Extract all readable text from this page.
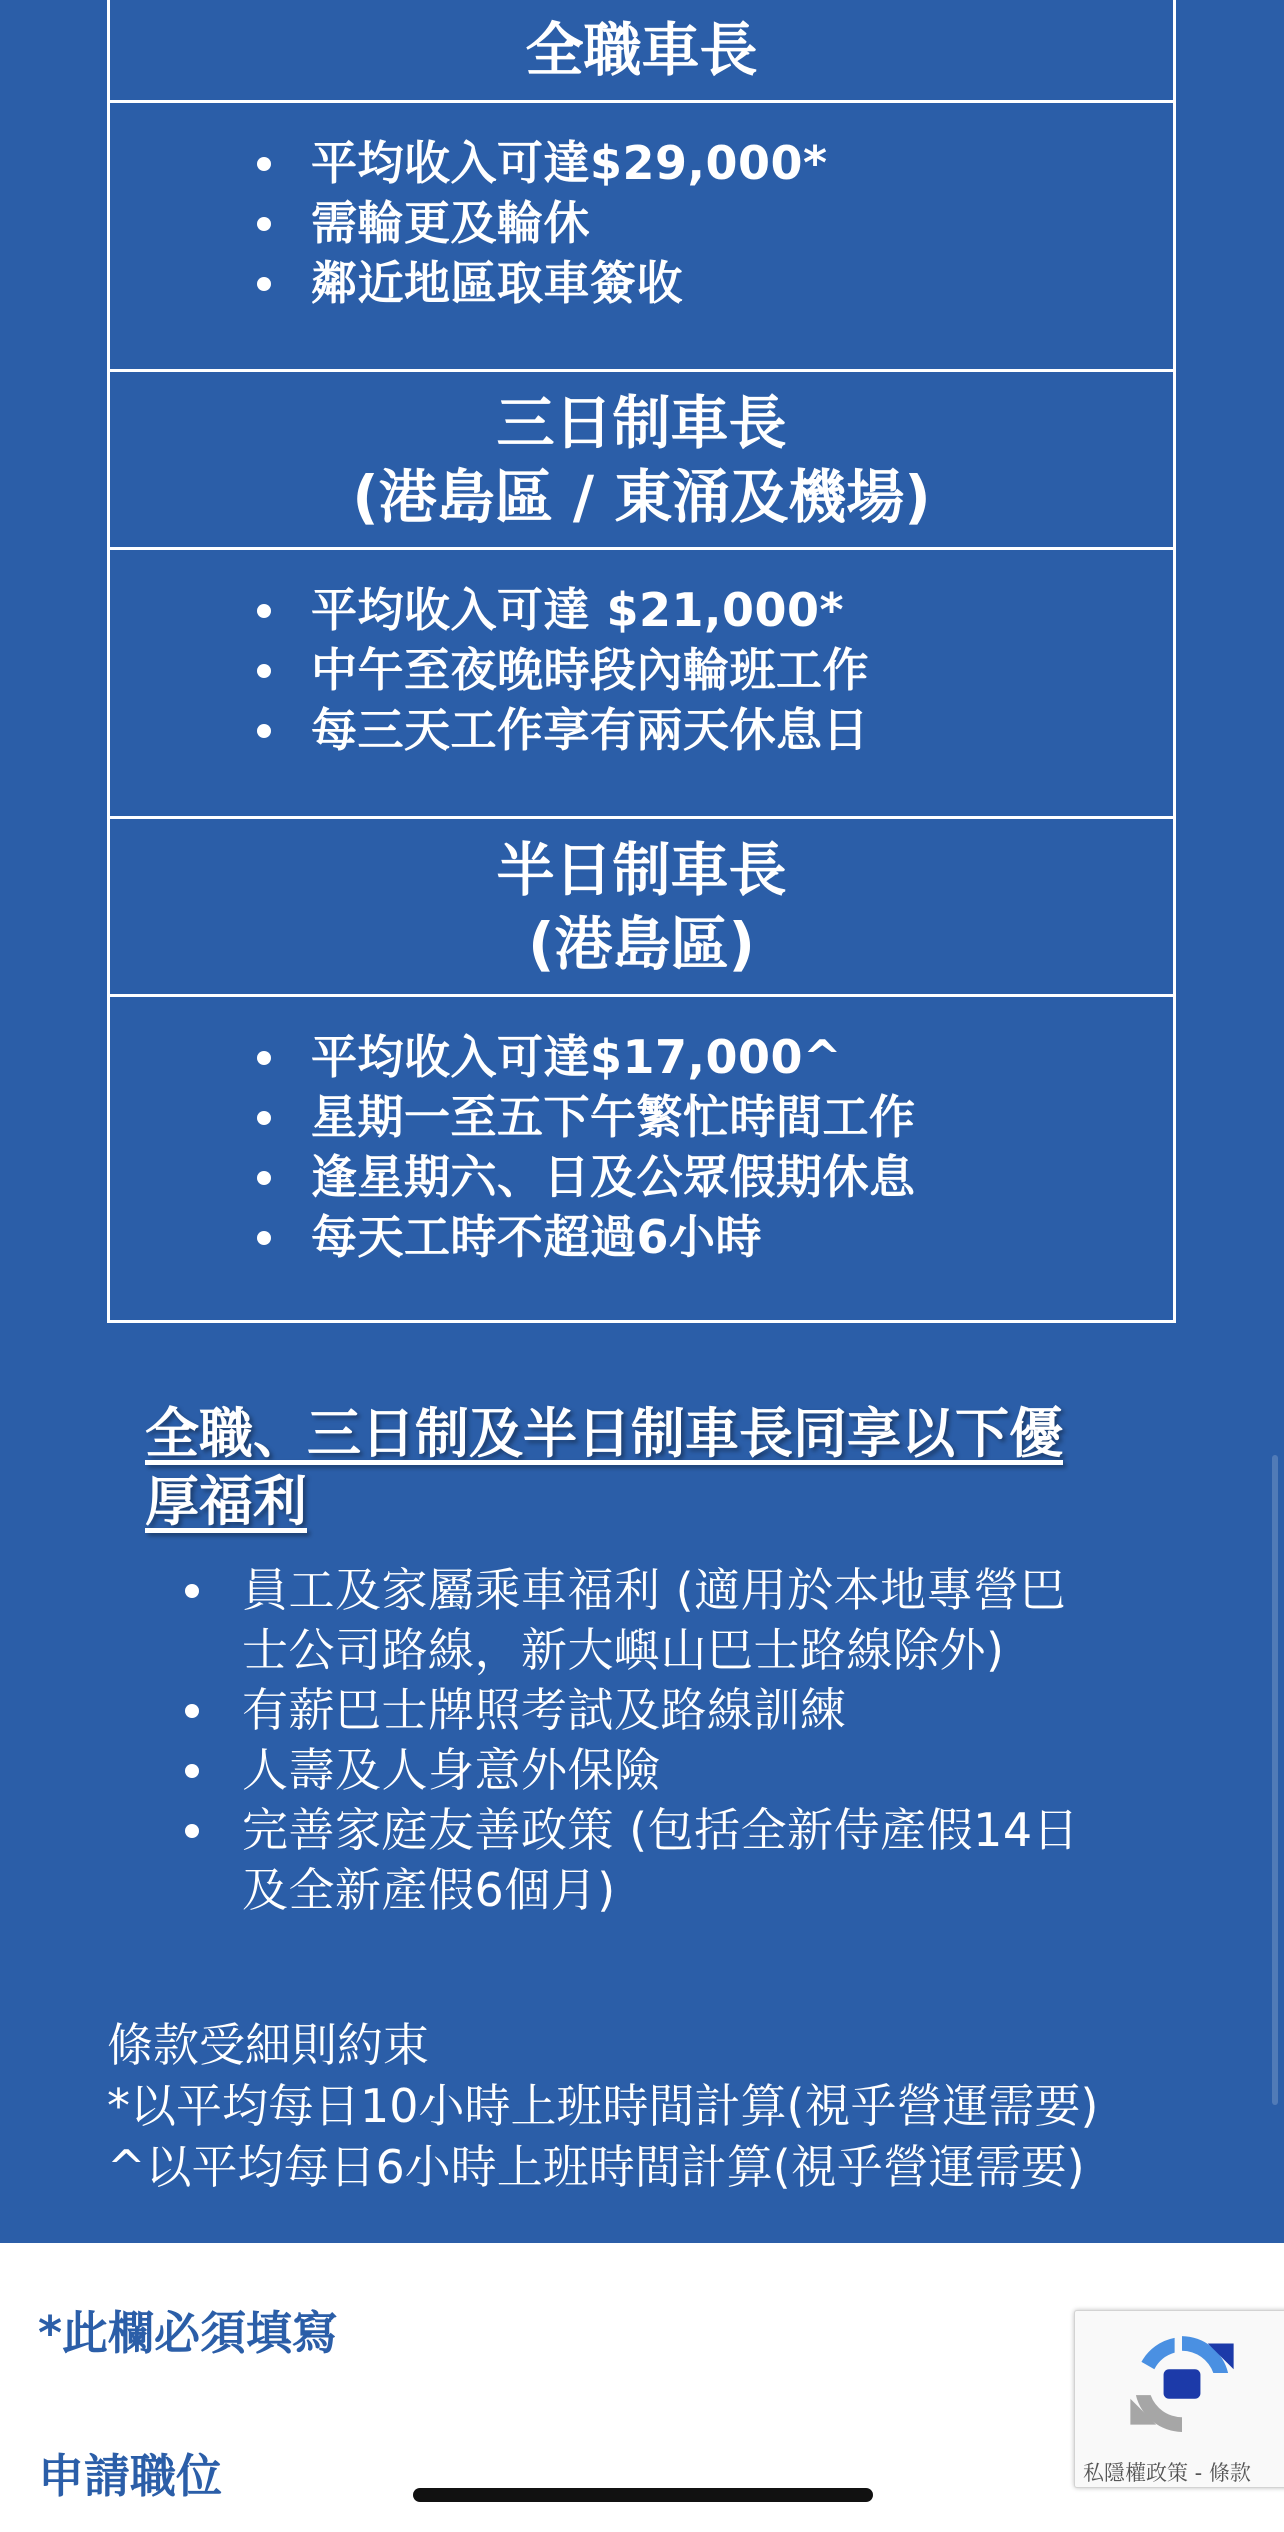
全職車長
平均收入可達$29,000*
需輪更及輪休
鄰近地區取車簽收
三日制車長
(港島區 / 東涌及機場)
平均收入可達 $21,000*
中午至夜晚時段內輪班工作
每三天工作享有兩天休息日
半日制車長
(港島區)
平均收入可達$17,000^
星期一至五下午繁忙時間工作
逢星期六、日及公眾假期休息
每天工時不超過6小時
全職、三日制及半日制車長同享以下優
厚福利
員工及家屬乘車福利 (適用於本地專營巴
士公司路線，新大嶼山巴士路線除外)
有薪巴士牌照考試及路線訓練
人壽及人身意外保險
完善家庭友善政策 (包括全新侍產假14日
及全新產假6個月)
條款受細則約束
*以平均每日10小時上班時間計算(視乎營運需要)
^以平均每日6小時上班時間計算(視乎營運需要)
*此欄必須填寫
申請職位	私隱權政策 - 條款
